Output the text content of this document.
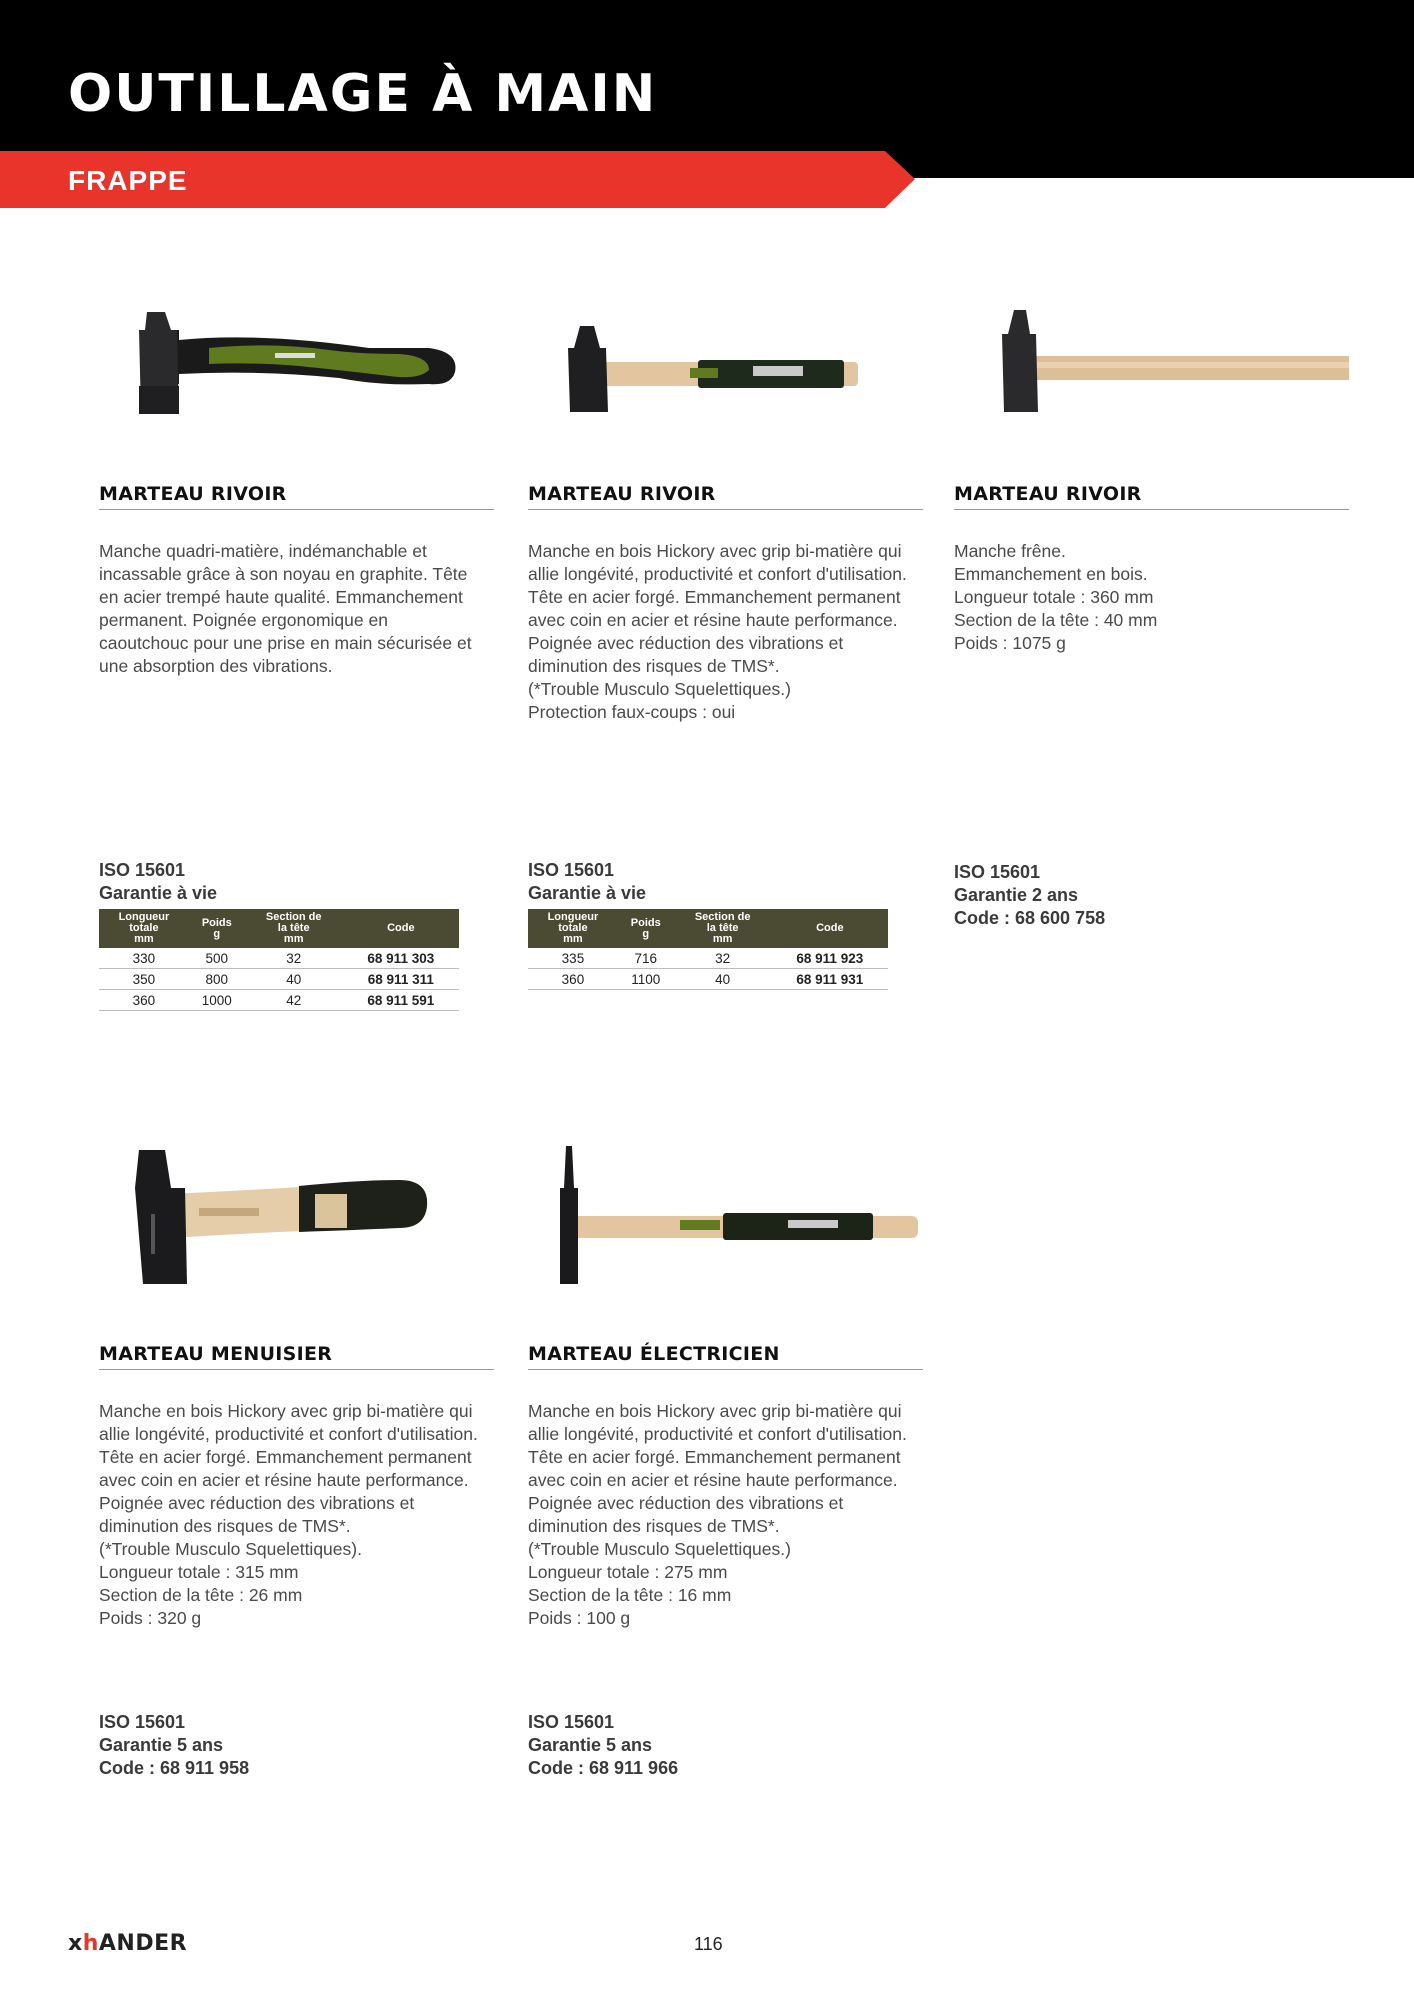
OUTILLAGE À MAIN
FRAPPE
MARTEAU RIVOIR
Manche quadri-matière, indémanchable et
incassable grâce à son noyau en graphite. Tête
en acier trempé haute qualité. Emmanchement
permanent. Poignée ergonomique en
caoutchouc pour une prise en main sécurisée et
une absorption des vibrations.
ISO 15601
Garantie à vie
Longueur
totale
mm	Poids
g	Section de
la tête
mm	Code
330	500	32	68 911 303
350	800	40	68 911 311
360	1000	42	68 911 591
MARTEAU RIVOIR
Manche en bois Hickory avec grip bi-matière qui
allie longévité, productivité et confort d'utilisation.
Tête en acier forgé. Emmanchement permanent
avec coin en acier et résine haute performance.
Poignée avec réduction des vibrations et
diminution des risques de TMS*.
(*Trouble Musculo Squelettiques.)
Protection faux-coups : oui
ISO 15601
Garantie à vie
Longueur
totale
mm	Poids
g	Section de
la tête
mm	Code
335	716	32	68 911 923
360	1100	40	68 911 931
MARTEAU RIVOIR
Manche frêne.
Emmanchement en bois.
Longueur totale : 360 mm
Section de la tête : 40 mm
Poids : 1075 g
ISO 15601
Garantie 2 ans
Code : 68 600 758
MARTEAU MENUISIER
Manche en bois Hickory avec grip bi-matière qui
allie longévité, productivité et confort d'utilisation.
Tête en acier forgé. Emmanchement permanent
avec coin en acier et résine haute performance.
Poignée avec réduction des vibrations et
diminution des risques de TMS*.
(*Trouble Musculo Squelettiques).
Longueur totale : 315 mm
Section de la tête : 26 mm
Poids : 320 g
ISO 15601
Garantie 5 ans
Code : 68 911 958
MARTEAU ÉLECTRICIEN
Manche en bois Hickory avec grip bi-matière qui
allie longévité, productivité et confort d'utilisation.
Tête en acier forgé. Emmanchement permanent
avec coin en acier et résine haute performance.
Poignée avec réduction des vibrations et
diminution des risques de TMS*.
(*Trouble Musculo Squelettiques.)
Longueur totale : 275 mm
Section de la tête : 16 mm
Poids : 100 g
ISO 15601
Garantie 5 ans
Code : 68 911 966
xhANDER	116
